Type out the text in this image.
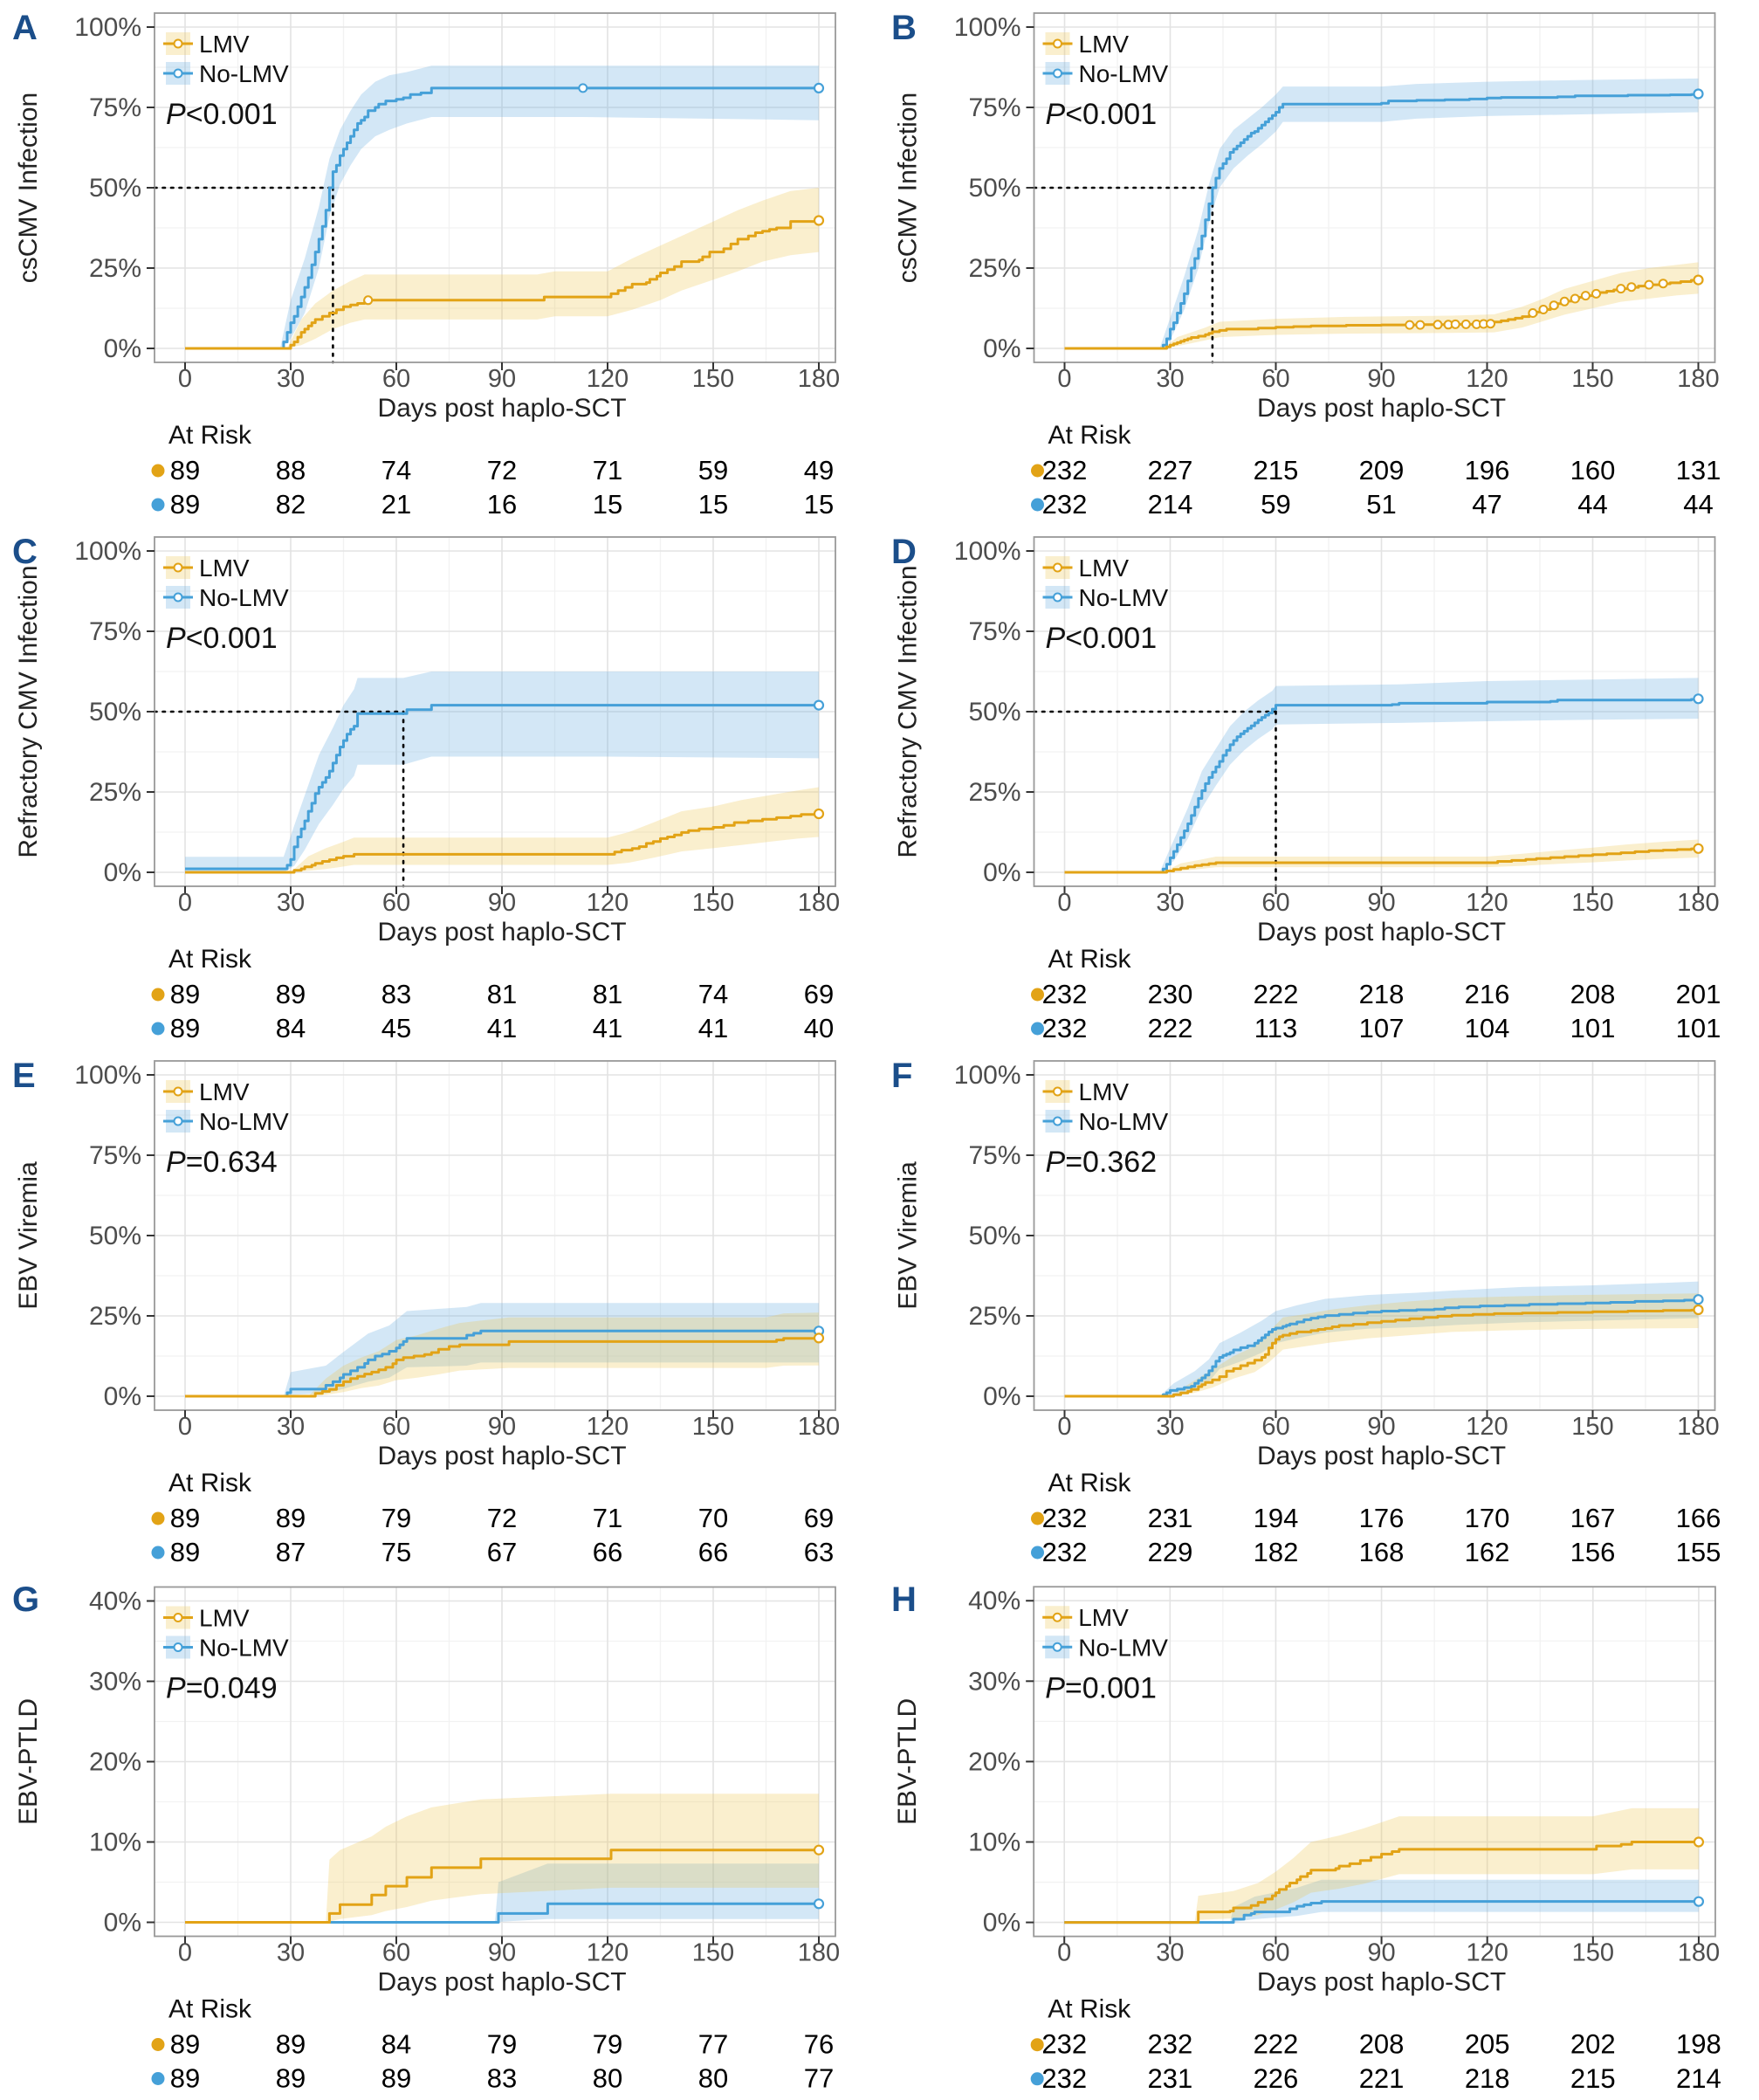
A
0%
25%
50%
75%
100%
0	30	60	90	120	150	180
csCMV Infection
Days post haplo-SCT
LMV
No-LMV
P<0.001
At Risk
89	88	74	72	71	59	49
89	82	21	16	15	15	15
B
0%
25%
50%
75%
100%
0	30	60	90	120	150	180
csCMV Infection
Days post haplo-SCT
LMV
No-LMV
P<0.001
At Risk
232 227 215 209 196 160 131
232 214	59	51	47	44	44
C
0%
25%
50%
75%
100%
0	30	60	90	120	150	180
Refractory CMV Infection
Days post haplo-SCT
LMV
No-LMV
P<0.001
At Risk
89	89	83	81	81	74	69
89	84	45	41	41	41	40
D
0%
25%
50%
75%
100%
0	30	60	90	120	150	180
Refractory CMV Infection
Days post haplo-SCT
LMV
No-LMV
P<0.001
At Risk
232 230 222 218 216 208 201
232 222 113 107 104 101 101
E
0%
25%
50%
75%
100%
0	30	60	90	120	150	180
EBV Viremia
Days post haplo-SCT
LMV
No-LMV
P=0.634
At Risk
89	89	79	72	71	70	69
89	87	75	67	66	66	63
F
0%
25%
50%
75%
100%
0	30	60	90	120	150	180
EBV Viremia
Days post haplo-SCT
LMV
No-LMV
P=0.362
At Risk
232 231 194 176 170 167 166
232 229 182 168 162 156 155
G
0%
10%
20%
30%
40%
0	30	60	90	120	150	180
EBV-PTLD
Days post haplo-SCT
LMV
No-LMV
P=0.049
At Risk
89	89	84	79	79	77	76
89	89	89	83	80	80	77
H
0%
10%
20%
30%
40%
0	30	60	90	120	150	180
EBV-PTLD
Days post haplo-SCT
LMV
No-LMV
P=0.001
At Risk
232 232 222 208 205 202 198
232 231 226 221 218 215 214
